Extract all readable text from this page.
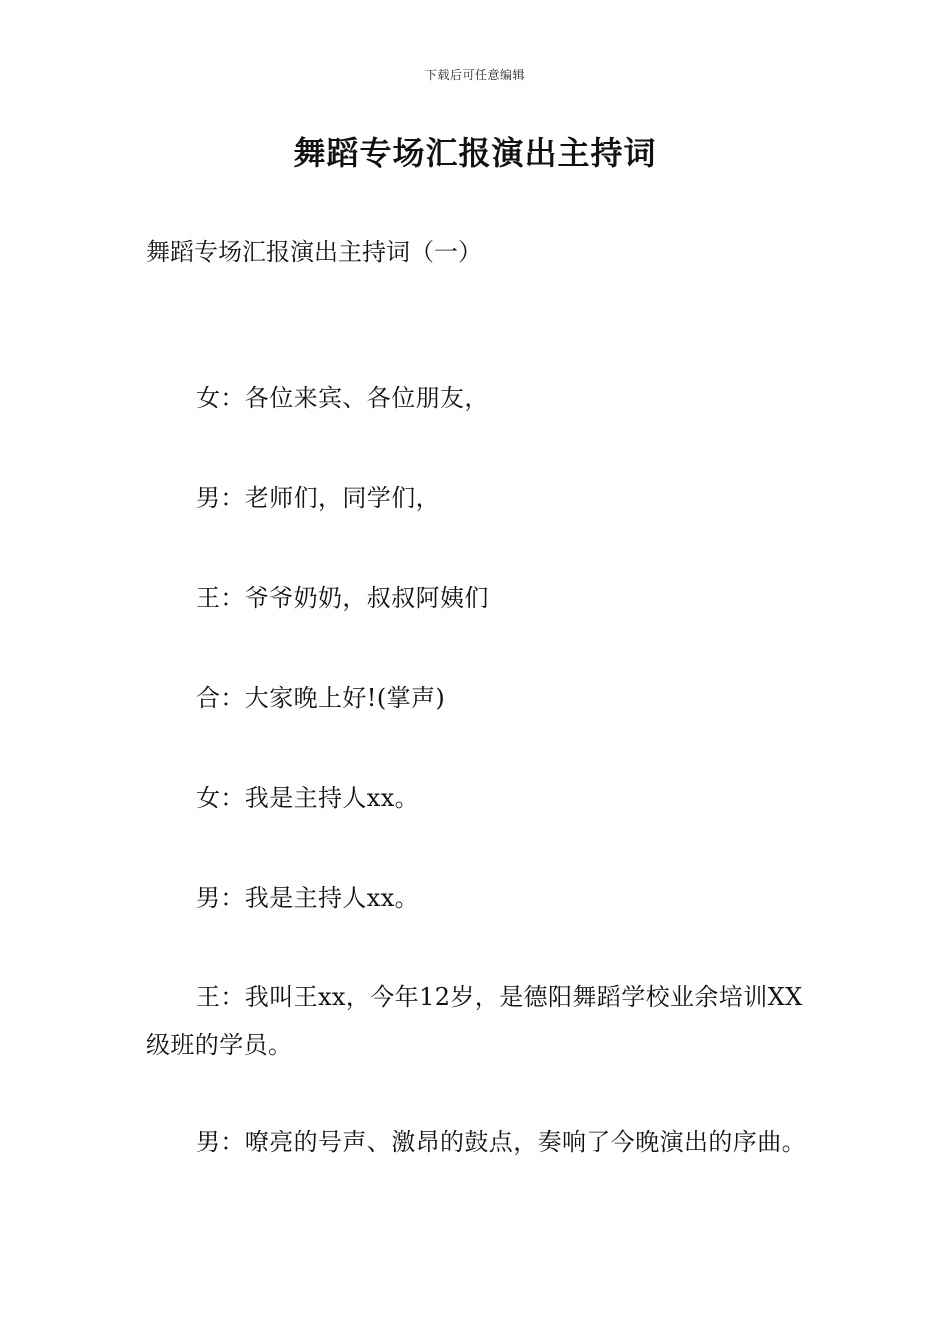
下载后可任意编辑
舞蹈专场汇报演出主持词

舞蹈专场汇报演出主持词（一）

女：各位来宾、各位朋友，

男：老师们，同学们，

王：爷爷奶奶，叔叔阿姨们

合：大家晚上好!(掌声)

女：我是主持人xx。

男：我是主持人xx。

王：我叫王xx，今年12岁，是德阳舞蹈学校业余培训XX级班的学员。

男：嘹亮的号声、激昂的鼓点，奏响了今晚演出的序曲。
